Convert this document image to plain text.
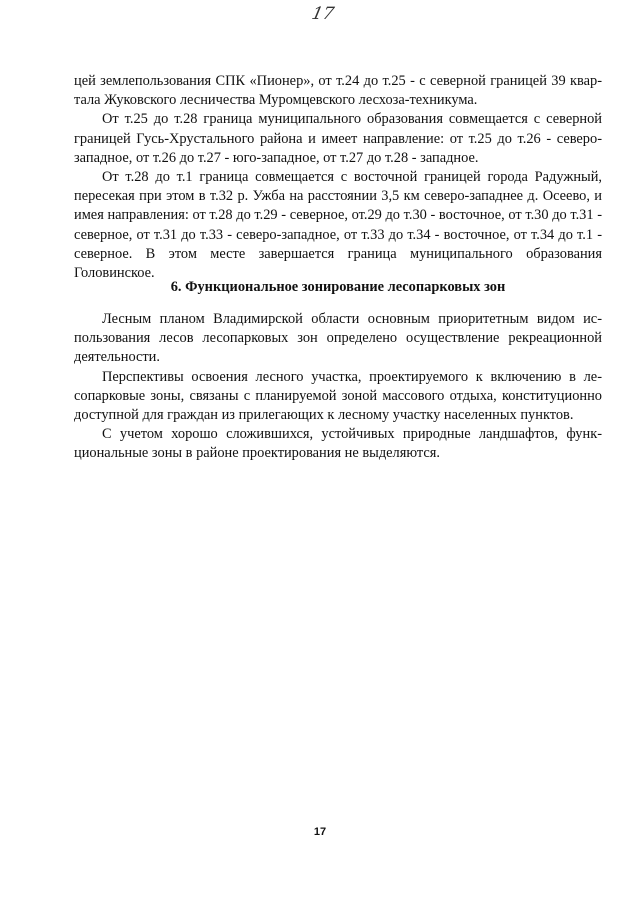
17

цей землепользования СПК «Пионер», от т.24 до т.25 - с северной границей 39 квартала Жуковского лесничества Муромцевского лесхоза-техникума.

От т.25 до т.28 граница муниципального образования совмещается с северной границей Гусь-Хрустального района и имеет направление: от т.25 до т.26 - северо-западное, от т.26 до т.27 - юго-западное, от т.27 до т.28 - западное.

От т.28 до т.1 граница совмещается с восточной границей города Радужный, пересекая при этом в т.32 р. Ужба на расстоянии 3,5 км северо-западнее д. Осеево, и имея направления: от т.28 до т.29 - северное, от.29 до т.30 - восточное, от т.30 до т.31 - северное, от т.31 до т.33 - северо-западное, от т.33 до т.34 - восточное, от т.34 до т.1 - северное. В этом месте завершается граница муниципального образования Головинское.

6. Функциональное зонирование лесопарковых зон

Лесным планом Владимирской области основным приоритетным видом использования лесов лесопарковых зон определено осуществление рекреационной деятельности.

Перспективы освоения лесного участка, проектируемого к включению в лесопарковые зоны, связаны с планируемой зоной массового отдыха, конституционно доступной для граждан из прилегающих к лесному участку населенных пунктов.

С учетом хорошо сложившихся, устойчивых природные ландшафтов, функциональные зоны в районе проектирования не выделяются.

17
